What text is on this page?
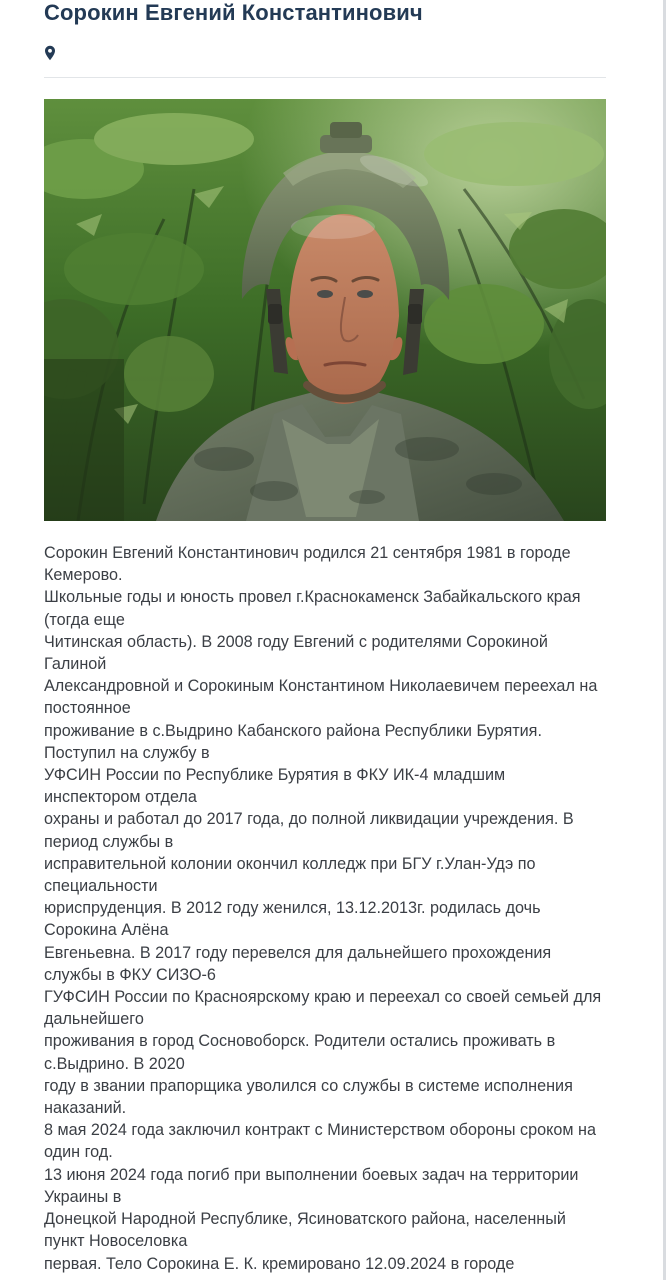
Сорокин Евгений Константинович

Сорокин Евгений Константинович родился 21 сентября 1981 в городе Кемерово.

Школьные годы и юность провел г.Краснокаменск Забайкальского края (тогда еще

Читинская область). В 2008 году Евгений с родителями Сорокиной Галиной

Александровной и Сорокиным Константином Николаевичем переехал на постоянное

проживание в с.Выдрино Кабанского района Республики Бурятия. Поступил на службу в

УФСИН России по Республике Бурятия в ФКУ ИК-4 младшим инспектором отдела

охраны и работал до 2017 года, до полной ликвидации учреждения. В период службы в

исправительной колонии окончил колледж при БГУ г.Улан-Удэ по специальности

юриспруденция. В 2012 году женился, 13.12.2013г. родилась дочь Сорокина Алёна

Евгеньевна. В 2017 году перевелся для дальнейшего прохождения службы в ФКУ СИЗО-6

ГУФСИН России по Красноярскому краю и переехал со своей семьей для дальнейшего

проживания в город Сосновоборск. Родители остались проживать в с.Выдрино. В 2020

году в звании прапорщика уволился со службы в системе исполнения наказаний.

8 мая 2024 года заключил контракт с Министерством обороны сроком на один год.

13 июня 2024 года погиб при выполнении боевых задач на территории Украины в

Донецкой Народной Республике, Ясиноватского района, населенный пункт Новоселовка

первая. Тело Сорокина Е. К. кремировано 12.09.2024 в городе
